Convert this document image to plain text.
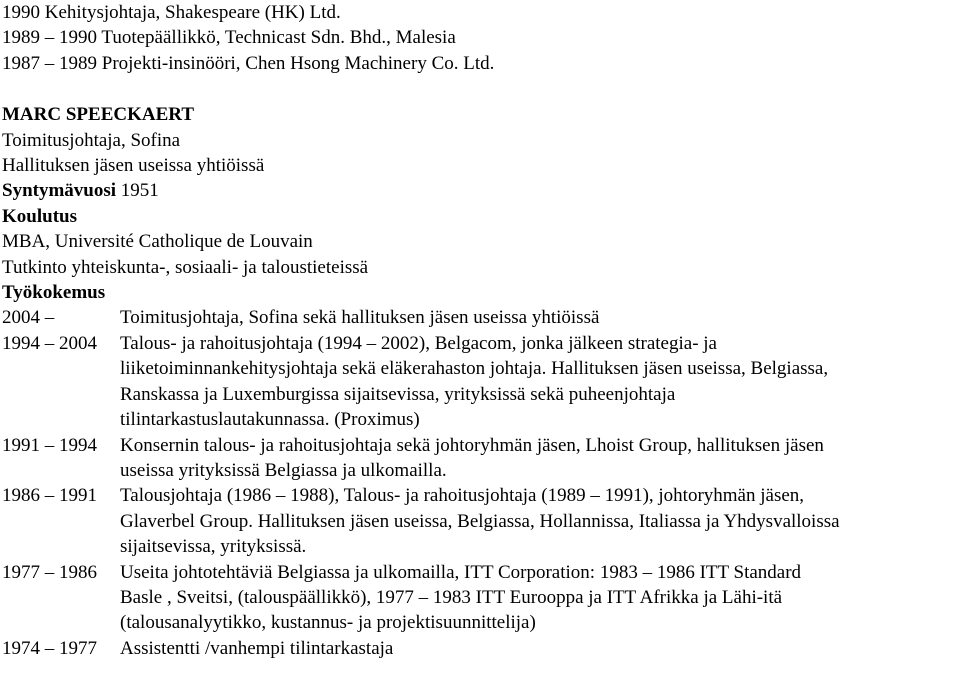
1990 Kehitysjohtaja, Shakespeare (HK) Ltd.

1989 – 1990 Tuotepäällikkö, Technicast Sdn. Bhd., Malesia

1987 – 1989 Projekti-insinööri, Chen Hsong Machinery Co. Ltd.

MARC SPEECKAERT

Toimitusjohtaja, Sofina

Hallituksen jäsen useissa yhtiöissä

Syntymävuosi 1951

Koulutus

MBA, Université Catholique de Louvain

Tutkinto yhteiskunta-, sosiaali- ja taloustieteissä

Työkokemus

2004 –	Toimitusjohtaja, Sofina sekä hallituksen jäsen useissa yhtiöissä
1994 – 2004 Talous- ja rahoitusjohtaja (1994 – 2002), Belgacom, jonka jälkeen strategia- ja
liiketoiminnankehitysjohtaja sekä eläkerahaston johtaja. Hallituksen jäsen useissa, Belgiassa,
Ranskassa ja Luxemburgissa sijaitsevissa, yrityksissä sekä puheenjohtaja
tilintarkastuslautakunnassa. (Proximus)
1991 – 1994 Konsernin talous- ja rahoitusjohtaja sekä johtoryhmän jäsen, Lhoist Group, hallituksen jäsen
useissa yrityksissä Belgiassa ja ulkomailla.
1986 – 1991 Talousjohtaja (1986 – 1988), Talous- ja rahoitusjohtaja (1989 – 1991), johtoryhmän jäsen,
Glaverbel Group. Hallituksen jäsen useissa, Belgiassa, Hollannissa, Italiassa ja Yhdysvalloissa
sijaitsevissa, yrityksissä.
1977 – 1986 Useita johtotehtäviä Belgiassa ja ulkomailla, ITT Corporation: 1983 – 1986 ITT Standard
Basle , Sveitsi, (talouspäällikkö), 1977 – 1983 ITT Eurooppa ja ITT Afrikka ja Lähi-itä
(talousanalyytikko, kustannus- ja projektisuunnittelija)
1974 – 1977 Assistentti /vanhempi tilintarkastaja
